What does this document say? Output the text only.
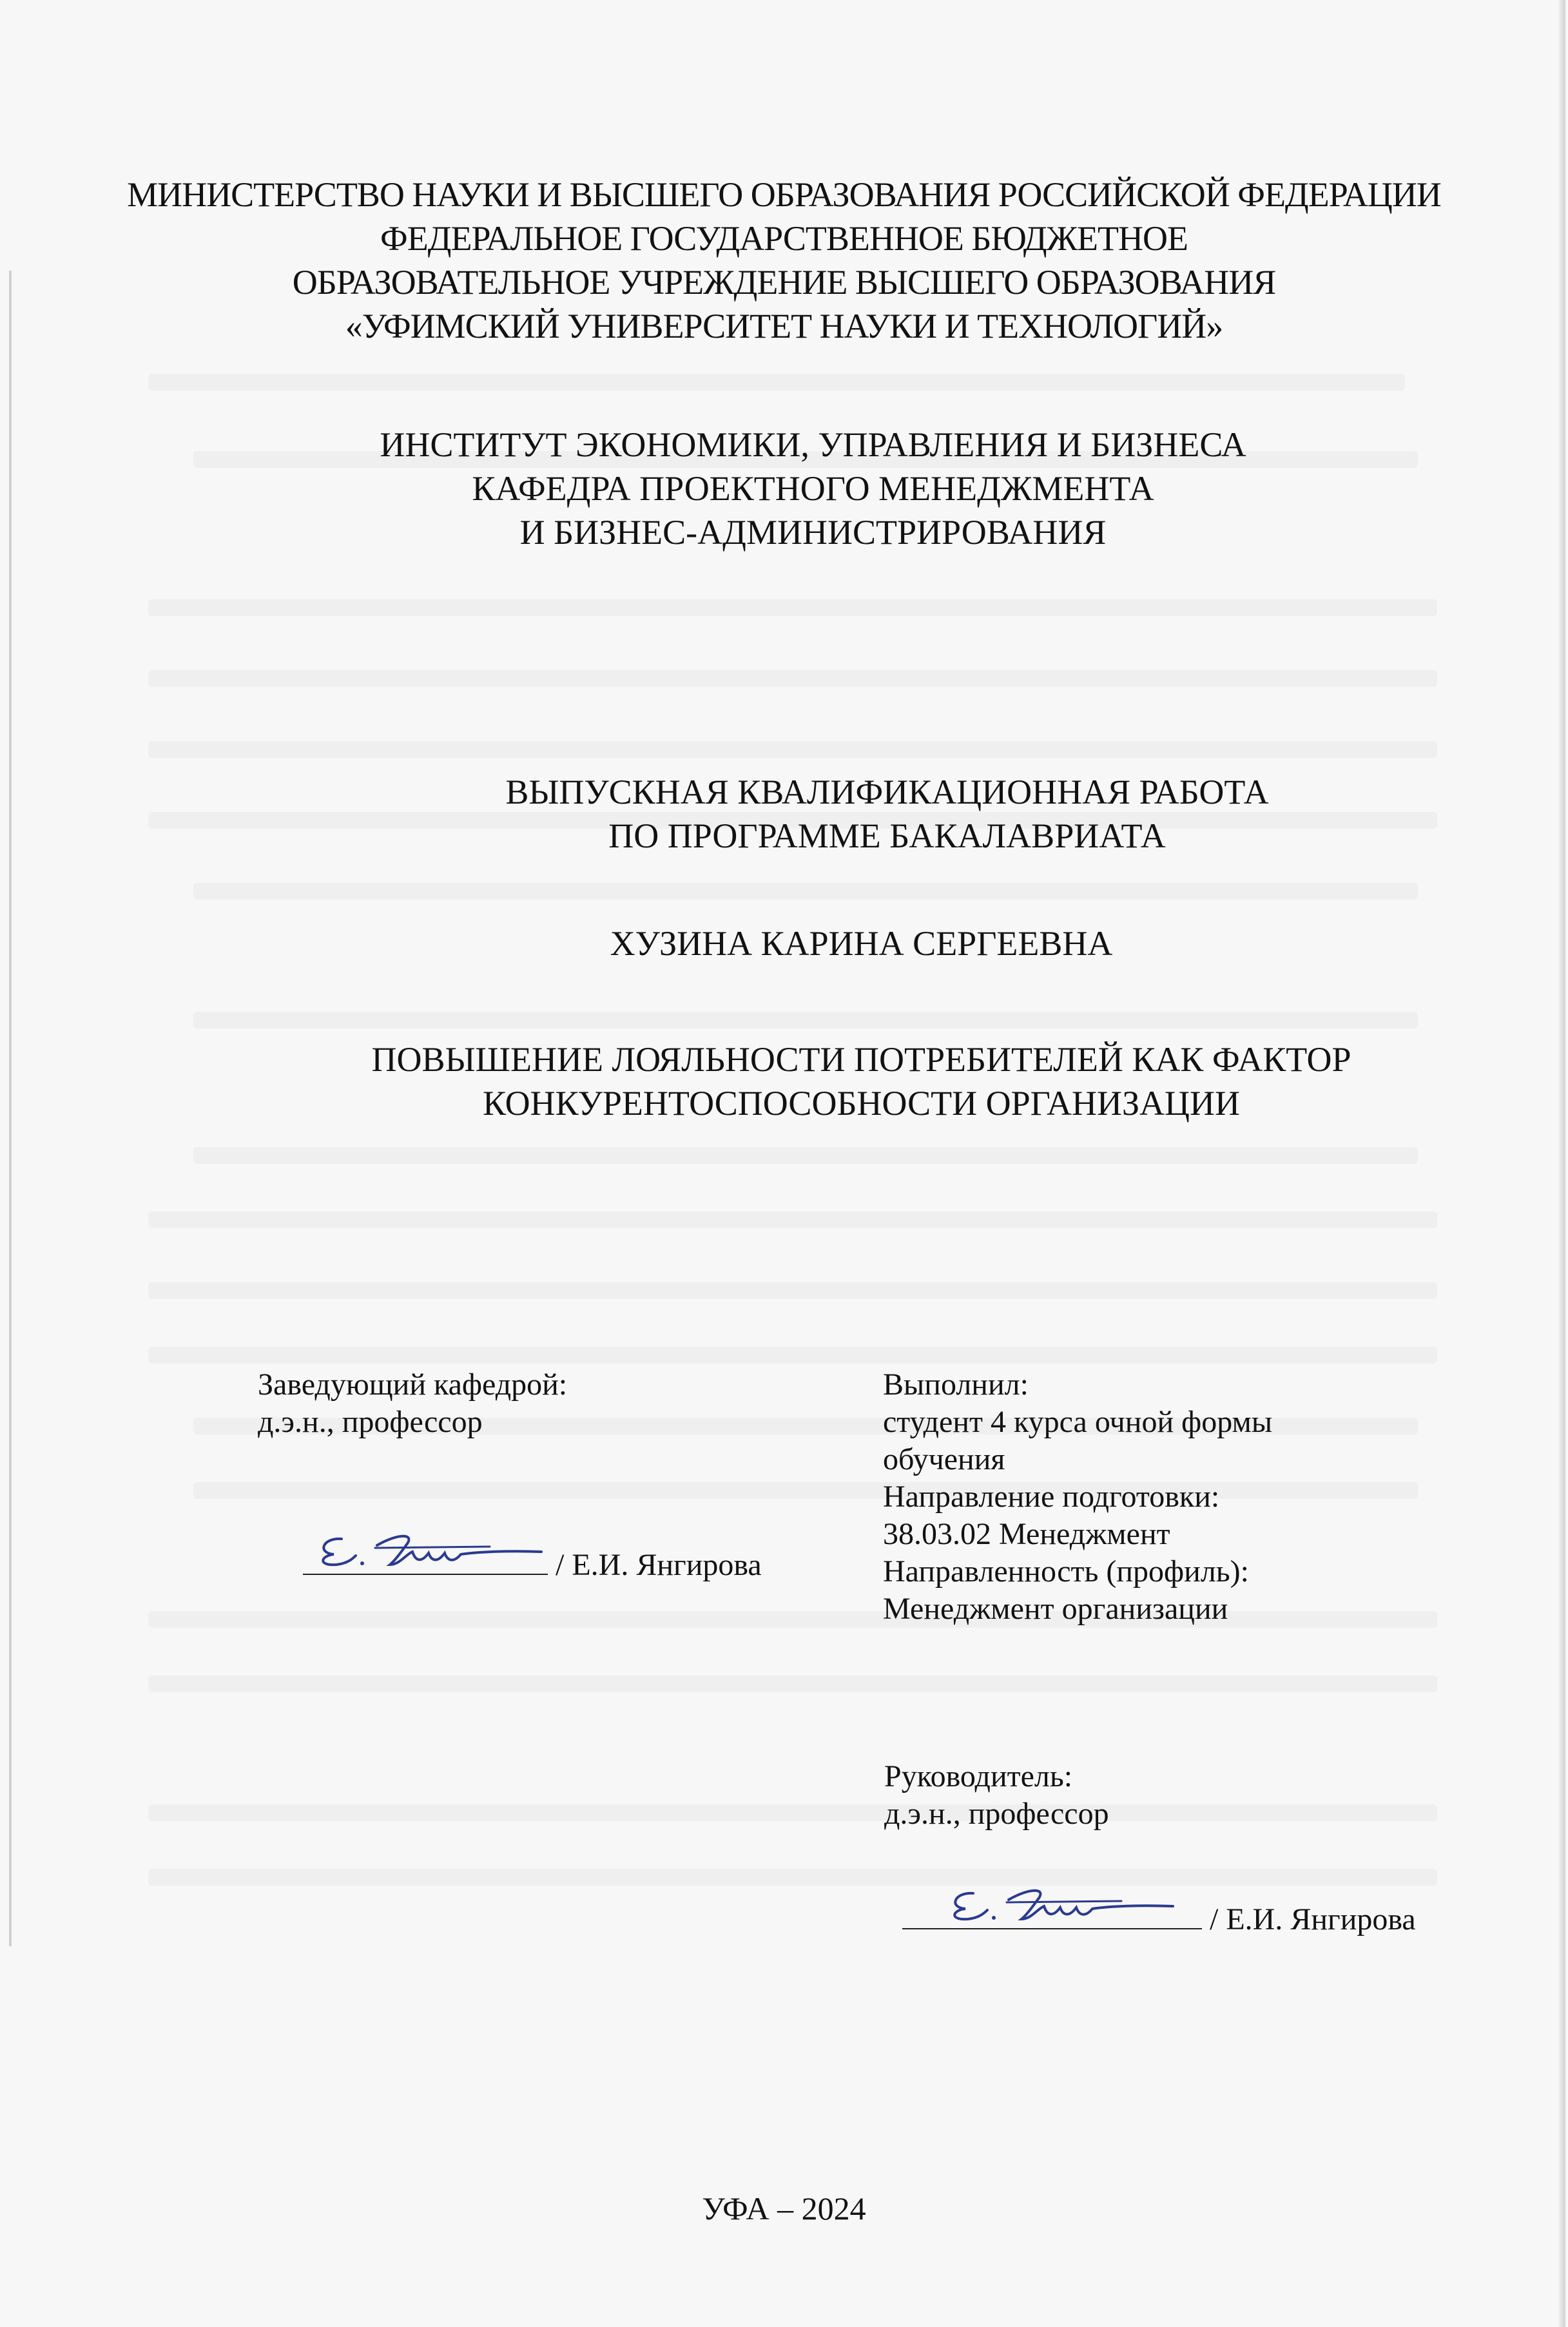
МИНИСТЕРСТВО НАУКИ И ВЫСШЕГО ОБРАЗОВАНИЯ РОССИЙСКОЙ ФЕДЕРАЦИИ
ФЕДЕРАЛЬНОЕ ГОСУДАРСТВЕННОЕ БЮДЖЕТНОЕ
ОБРАЗОВАТЕЛЬНОЕ УЧРЕЖДЕНИЕ ВЫСШЕГО ОБРАЗОВАНИЯ
«УФИМСКИЙ УНИВЕРСИТЕТ НАУКИ И ТЕХНОЛОГИЙ»
ИНСТИТУТ ЭКОНОМИКИ, УПРАВЛЕНИЯ И БИЗНЕСА
КАФЕДРА ПРОЕКТНОГО МЕНЕДЖМЕНТА
И БИЗНЕС-АДМИНИСТРИРОВАНИЯ
ВЫПУСКНАЯ КВАЛИФИКАЦИОННАЯ РАБОТА
ПО ПРОГРАММЕ БАКАЛАВРИАТА
ХУЗИНА КАРИНА СЕРГЕЕВНА
ПОВЫШЕНИЕ ЛОЯЛЬНОСТИ ПОТРЕБИТЕЛЕЙ КАК ФАКТОР
КОНКУРЕНТОСПОСОБНОСТИ ОРГАНИЗАЦИИ
Заведующий кафедрой:
д.э.н., профессор
/ Е.И. Янгирова
Выполнил:
студент 4 курса очной формы
обучения
Направление подготовки:
38.03.02 Менеджмент
Направленность (профиль):
Менеджмент организации
Руководитель:
д.э.н., профессор
/ Е.И. Янгирова
УФА – 2024
